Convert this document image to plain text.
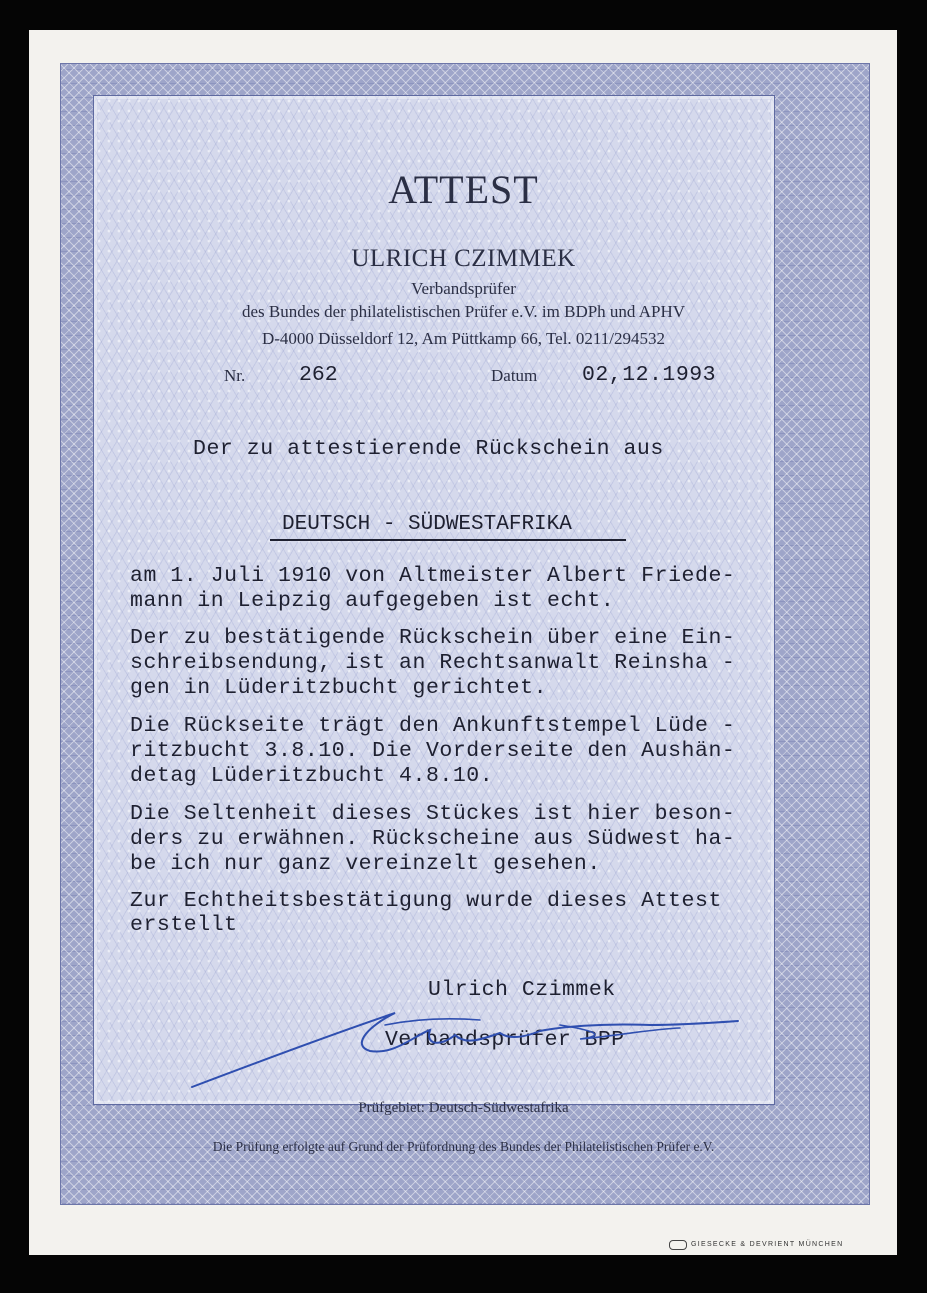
ATTEST
ULRICH CZIMMEK
Verbandsprüfer
des Bundes der philatelistischen Prüfer e.V. im BDPh und APHV
D-4000 Düsseldorf 12, Am Püttkamp 66, Tel. 0211/294532
Nr.	262	Datum 02,12.1993
Der zu attestierende Rückschein aus
DEUTSCH - SÜDWESTAFRIKA
am 1. Juli 1910 von Altmeister Albert Friede-
mann in Leipzig aufgegeben ist echt.
Der zu bestätigende Rückschein über eine Ein-
schreibsendung, ist an Rechtsanwalt Reinsha -
gen in Lüderitzbucht gerichtet.
Die Rückseite trägt den Ankunftstempel Lüde -
ritzbucht 3.8.10. Die Vorderseite den Aushän-
detag Lüderitzbucht 4.8.10.
Die Seltenheit dieses Stückes ist hier beson-
ders zu erwähnen. Rückscheine aus Südwest ha-
be ich nur ganz vereinzelt gesehen.
Zur Echtheitsbestätigung wurde dieses Attest
erstellt
Ulrich Czimmek
Verbandsprüfer BPP
Prüfgebiet: Deutsch-Südwestafrika
Die Prüfung erfolgte auf Grund der Prüfordnung des Bundes der Philatelistischen Prüfer e.V.
GIESECKE & DEVRIENT MÜNCHEN
